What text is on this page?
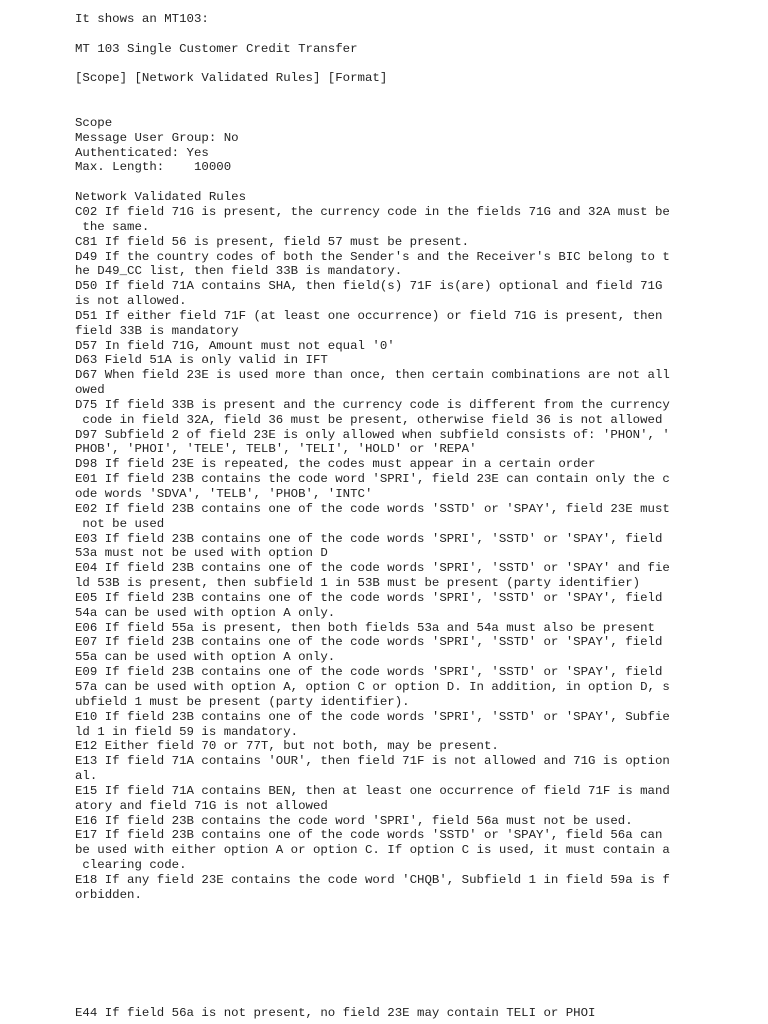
It shows an MT103:
MT 103 Single Customer Credit Transfer
[Scope] [Network Validated Rules] [Format]
Scope
Message User Group: No
Authenticated: Yes
Max. Length:    10000
Network Validated Rules
C02 If field 71G is present, the currency code in the fields 71G and 32A must be
the same.
C81 If field 56 is present, field 57 must be present.
D49 If the country codes of both the Sender's and the Receiver's BIC belong to t
he D49_CC list, then field 33B is mandatory.
D50 If field 71A contains SHA, then field(s) 71F is(are) optional and field 71G
is not allowed.
D51 If either field 71F (at least one occurrence) or field 71G is present, then
field 33B is mandatory
D57 In field 71G, Amount must not equal '0'
D63 Field 51A is only valid in IFT
D67 When field 23E is used more than once, then certain combinations are not all
owed
D75 If field 33B is present and the currency code is different from the currency
code in field 32A, field 36 must be present, otherwise field 36 is not allowed
D97 Subfield 2 of field 23E is only allowed when subfield consists of: 'PHON', '
PHOB', 'PHOI', 'TELE', TELB', 'TELI', 'HOLD' or 'REPA'
D98 If field 23E is repeated, the codes must appear in a certain order
E01 If field 23B contains the code word 'SPRI', field 23E can contain only the c
ode words 'SDVA', 'TELB', 'PHOB', 'INTC'
E02 If field 23B contains one of the code words 'SSTD' or 'SPAY', field 23E must
not be used
E03 If field 23B contains one of the code words 'SPRI', 'SSTD' or 'SPAY', field
53a must not be used with option D
E04 If field 23B contains one of the code words 'SPRI', 'SSTD' or 'SPAY' and fie
ld 53B is present, then subfield 1 in 53B must be present (party identifier)
E05 If field 23B contains one of the code words 'SPRI', 'SSTD' or 'SPAY', field
54a can be used with option A only.
E06 If field 55a is present, then both fields 53a and 54a must also be present
E07 If field 23B contains one of the code words 'SPRI', 'SSTD' or 'SPAY', field
55a can be used with option A only.
E09 If field 23B contains one of the code words 'SPRI', 'SSTD' or 'SPAY', field
57a can be used with option A, option C or option D. In addition, in option D, s
ubfield 1 must be present (party identifier).
E10 If field 23B contains one of the code words 'SPRI', 'SSTD' or 'SPAY', Subfie
ld 1 in field 59 is mandatory.
E12 Either field 70 or 77T, but not both, may be present.
E13 If field 71A contains 'OUR', then field 71F is not allowed and 71G is option
al.
E15 If field 71A contains BEN, then at least one occurrence of field 71F is mand
atory and field 71G is not allowed
E16 If field 23B contains the code word 'SPRI', field 56a must not be used.
E17 If field 23B contains one of the code words 'SSTD' or 'SPAY', field 56a can
be used with either option A or option C. If option C is used, it must contain a
clearing code.
E18 If any field 23E contains the code word 'CHQB', Subfield 1 in field 59a is f
orbidden.
E44 If field 56a is not present, no field 23E may contain TELI or PHOI
